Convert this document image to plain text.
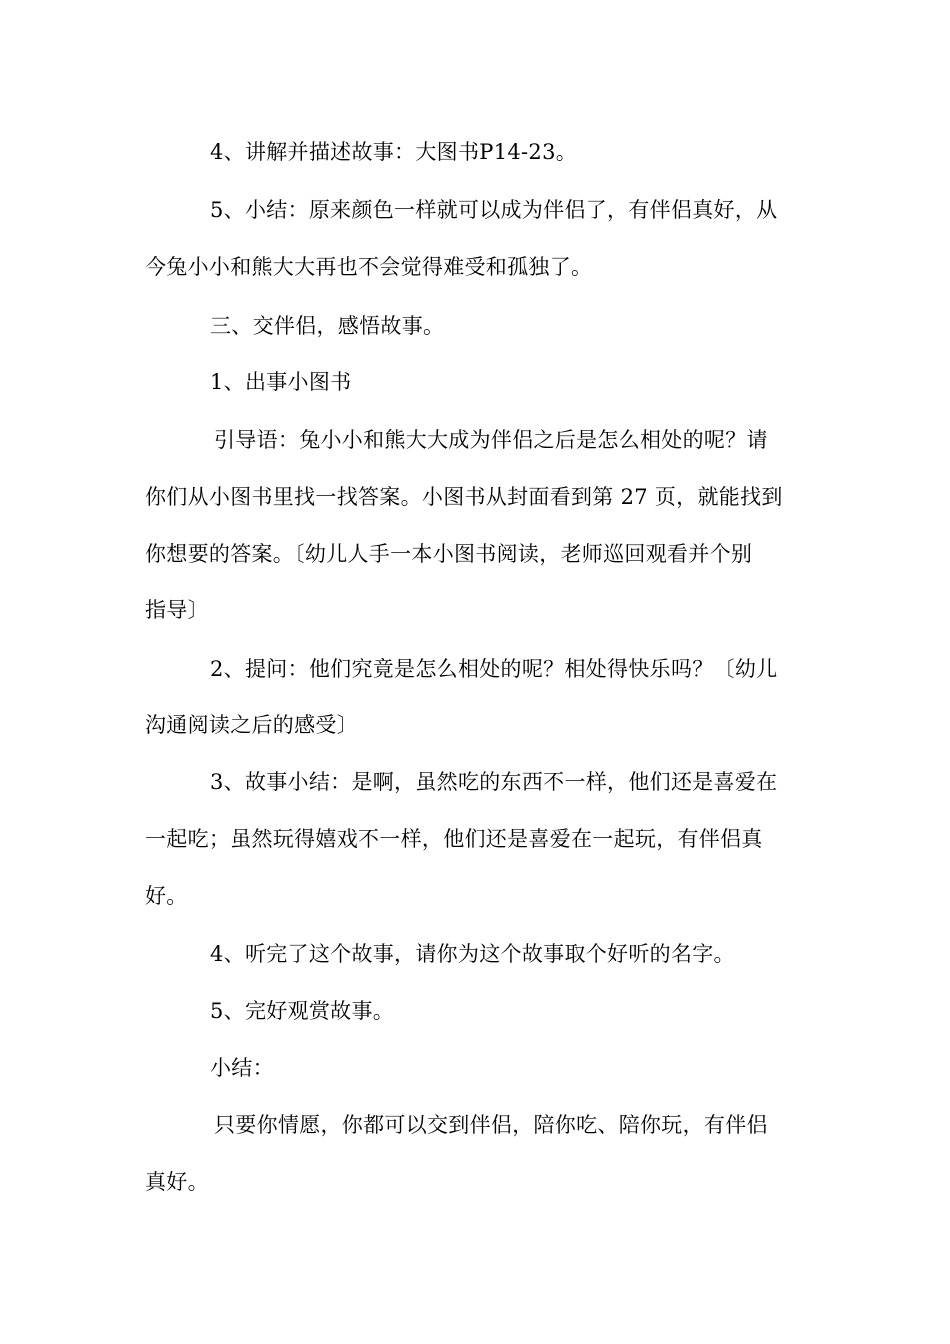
4、讲解并描述故事：大图书P14-23。
5、小结：原来颜色一样就可以成为伴侣了，有伴侣真好，从
今兔小小和熊大大再也不会觉得难受和孤独了。
三、交伴侣，感悟故事。
1、出事小图书
引导语：兔小小和熊大大成为伴侣之后是怎么相处的呢？请
你们从小图书里找一找答案。小图书从封面看到第 27 页，就能找到
你想要的答案。〔幼儿人手一本小图书阅读，老师巡回观看并个别
指导〕
2、提问：他们究竟是怎么相处的呢？相处得快乐吗？〔幼儿
沟通阅读之后的感受〕
3、故事小结：是啊，虽然吃的东西不一样，他们还是喜爱在
一起吃；虽然玩得嬉戏不一样，他们还是喜爱在一起玩，有伴侣真
好。
4、听完了这个故事，请你为这个故事取个好听的名字。
5、完好观赏故事。
小结：
只要你情愿，你都可以交到伴侣，陪你吃、陪你玩，有伴侣
真好。
